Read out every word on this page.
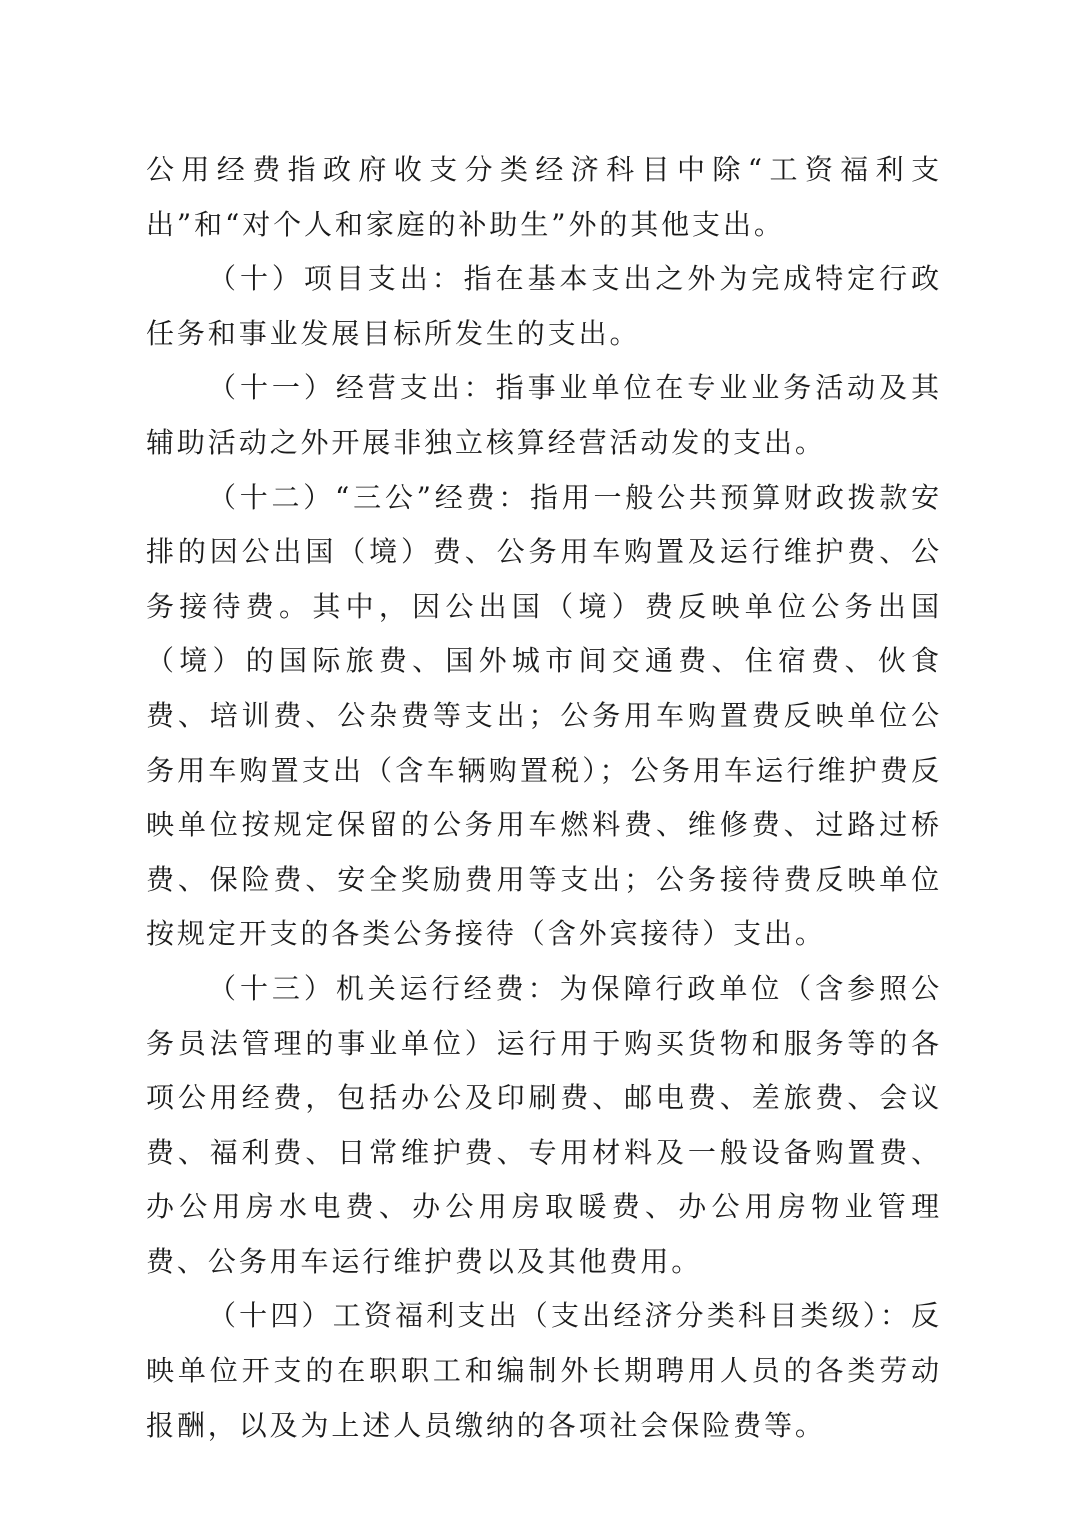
公用经费指政府收支分类经济科目中除“工资福利支出”和“对个人和家庭的补助生”外的其他支出。

（十）项目支出：指在基本支出之外为完成特定行政任务和事业发展目标所发生的支出。

（十一）经营支出：指事业单位在专业业务活动及其辅助活动之外开展非独立核算经营活动发的支出。

（十二）“三公”经费：指用一般公共预算财政拨款安排的因公出国（境）费、公务用车购置及运行维护费、公务接待费。其中，因公出国（境）费反映单位公务出国（境）的国际旅费、国外城市间交通费、住宿费、伙食费、培训费、公杂费等支出；公务用车购置费反映单位公务用车购置支出（含车辆购置税）；公务用车运行维护费反映单位按规定保留的公务用车燃料费、维修费、过路过桥费、保险费、安全奖励费用等支出；公务接待费反映单位按规定开支的各类公务接待（含外宾接待）支出。

（十三）机关运行经费：为保障行政单位（含参照公务员法管理的事业单位）运行用于购买货物和服务等的各项公用经费，包括办公及印刷费、邮电费、差旅费、会议费、福利费、日常维护费、专用材料及一般设备购置费、办公用房水电费、办公用房取暖费、办公用房物业管理费、公务用车运行维护费以及其他费用。

（十四）工资福利支出（支出经济分类科目类级）：反映单位开支的在职职工和编制外长期聘用人员的各类劳动报酬，以及为上述人员缴纳的各项社会保险费等。
